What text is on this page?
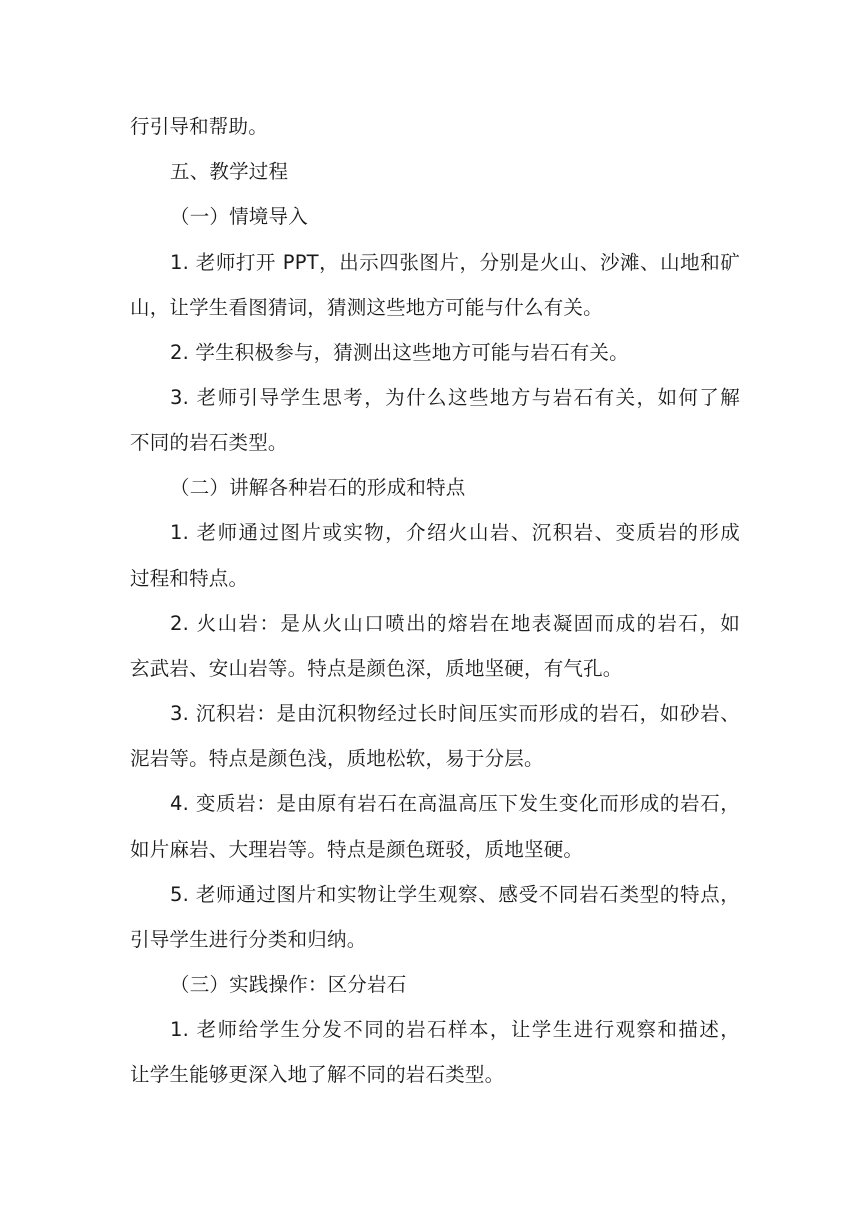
行引导和帮助。
五、教学过程
（一）情境导入
1. 老师打开 PPT，出示四张图片，分别是火山、沙滩、山地和矿
山，让学生看图猜词，猜测这些地方可能与什么有关。
2. 学生积极参与，猜测出这些地方可能与岩石有关。
3. 老师引导学生思考，为什么这些地方与岩石有关，如何了解
不同的岩石类型。
（二）讲解各种岩石的形成和特点
1. 老师通过图片或实物，介绍火山岩、沉积岩、变质岩的形成
过程和特点。
2. 火山岩：是从火山口喷出的熔岩在地表凝固而成的岩石，如
玄武岩、安山岩等。特点是颜色深，质地坚硬，有气孔。
3. 沉积岩：是由沉积物经过长时间压实而形成的岩石，如砂岩、
泥岩等。特点是颜色浅，质地松软，易于分层。
4. 变质岩：是由原有岩石在高温高压下发生变化而形成的岩石，
如片麻岩、大理岩等。特点是颜色斑驳，质地坚硬。
5. 老师通过图片和实物让学生观察、感受不同岩石类型的特点，
引导学生进行分类和归纳。
（三）实践操作：区分岩石
1. 老师给学生分发不同的岩石样本，让学生进行观察和描述，
让学生能够更深入地了解不同的岩石类型。
